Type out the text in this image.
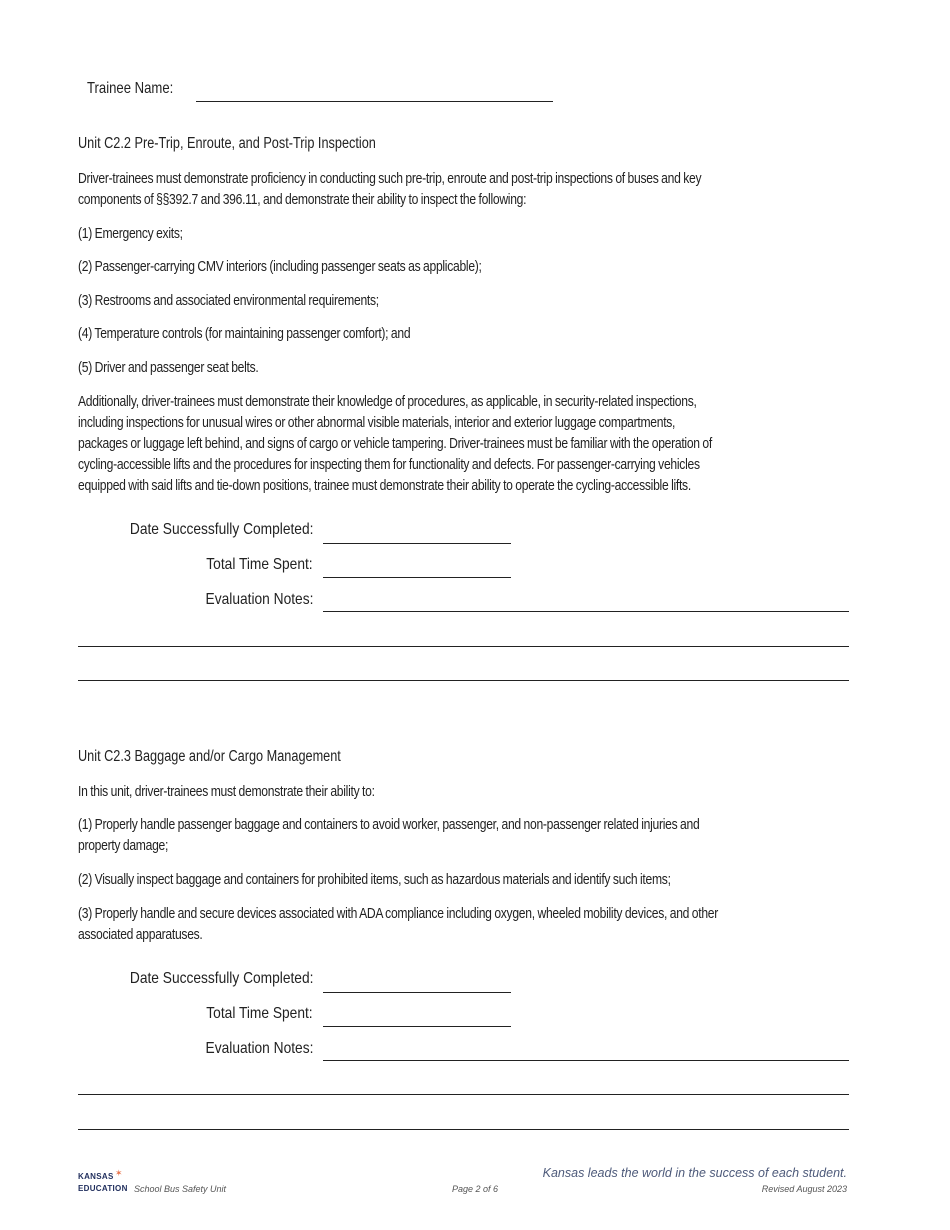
Trainee Name:
Unit C2.2 Pre-Trip, Enroute, and Post-Trip Inspection
Driver-trainees must demonstrate proficiency in conducting such pre-trip, enroute and post-trip inspections of buses and key
components of §§392.7 and 396.11, and demonstrate their ability to inspect the following:
(1) Emergency exits;
(2) Passenger-carrying CMV interiors (including passenger seats as applicable);
(3) Restrooms and associated environmental requirements;
(4) Temperature controls (for maintaining passenger comfort); and
(5) Driver and passenger seat belts.
Additionally, driver-trainees must demonstrate their knowledge of procedures, as applicable, in security-related inspections,
including inspections for unusual wires or other abnormal visible materials, interior and exterior luggage compartments,
packages or luggage left behind, and signs of cargo or vehicle tampering. Driver-trainees must be familiar with the operation of
cycling-accessible lifts and the procedures for inspecting them for functionality and defects. For passenger-carrying vehicles
equipped with said lifts and tie-down positions, trainee must demonstrate their ability to operate the cycling-accessible lifts.
Date Successfully Completed:
Total Time Spent:
Evaluation Notes:
Unit C2.3 Baggage and/or Cargo Management
In this unit, driver-trainees must demonstrate their ability to:
(1) Properly handle passenger baggage and containers to avoid worker, passenger, and non-passenger related injuries and
property damage;
(2) Visually inspect baggage and containers for prohibited items, such as hazardous materials and identify such items;
(3) Properly handle and secure devices associated with ADA compliance including oxygen, wheeled mobility devices, and other
associated apparatuses.
Date Successfully Completed:
Total Time Spent:
Evaluation Notes:
KANSAS ✶
EDUCATION School Bus Safety Unit	Page 2 of 6
Kansas leads the world in the success of each student.
Revised August 2023
